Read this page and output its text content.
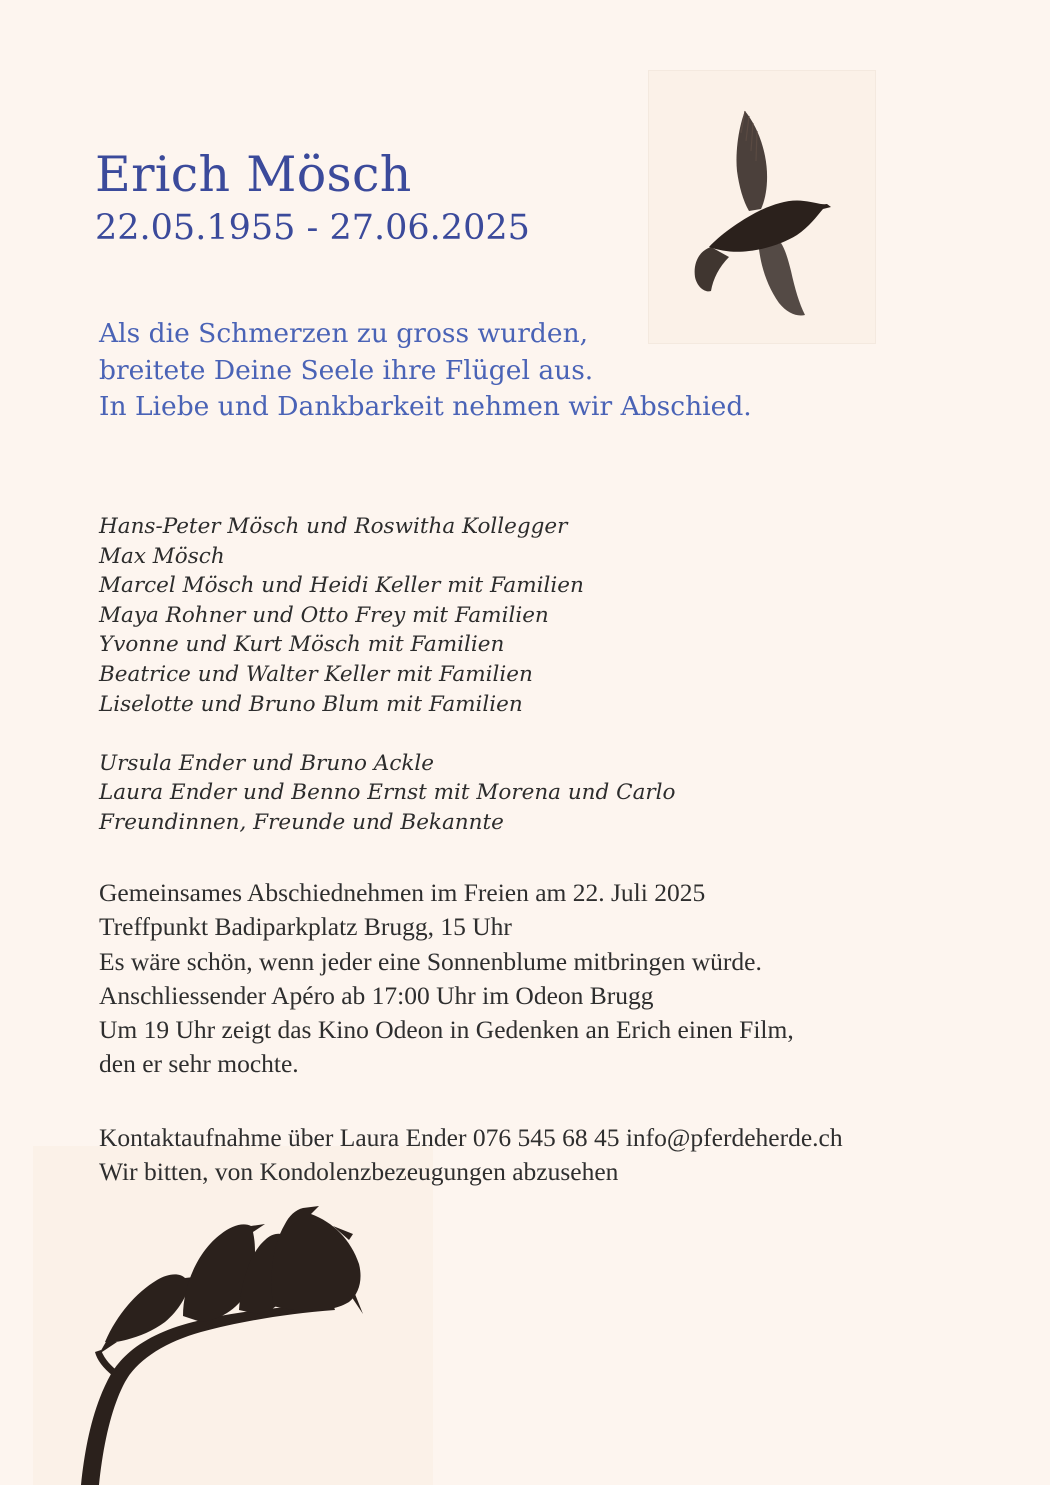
Erich Mösch
22.05.1955 - 27.06.2025
Als die Schmerzen zu gross wurden,
breitete Deine Seele ihre Flügel aus.
In Liebe und Dankbarkeit nehmen wir Abschied.
Hans-Peter Mösch und Roswitha Kollegger
Max Mösch
Marcel Mösch und Heidi Keller mit Familien
Maya Rohner und Otto Frey mit Familien
Yvonne und Kurt Mösch mit Familien
Beatrice und Walter Keller mit Familien
Liselotte und Bruno Blum mit Familien
Ursula Ender und Bruno Ackle
Laura Ender und Benno Ernst mit Morena und Carlo
Freundinnen, Freunde und Bekannte
Gemeinsames Abschiednehmen im Freien am 22. Juli 2025
Treffpunkt Badiparkplatz Brugg, 15 Uhr
Es wäre schön, wenn jeder eine Sonnenblume mitbringen würde.
Anschliessender Apéro ab 17:00 Uhr im Odeon Brugg
Um 19 Uhr zeigt das Kino Odeon in Gedenken an Erich einen Film,
den er sehr mochte.
Kontaktaufnahme über Laura Ender 076 545 68 45 info@pferdeherde.ch
Wir bitten, von Kondolenzbezeugungen abzusehen
